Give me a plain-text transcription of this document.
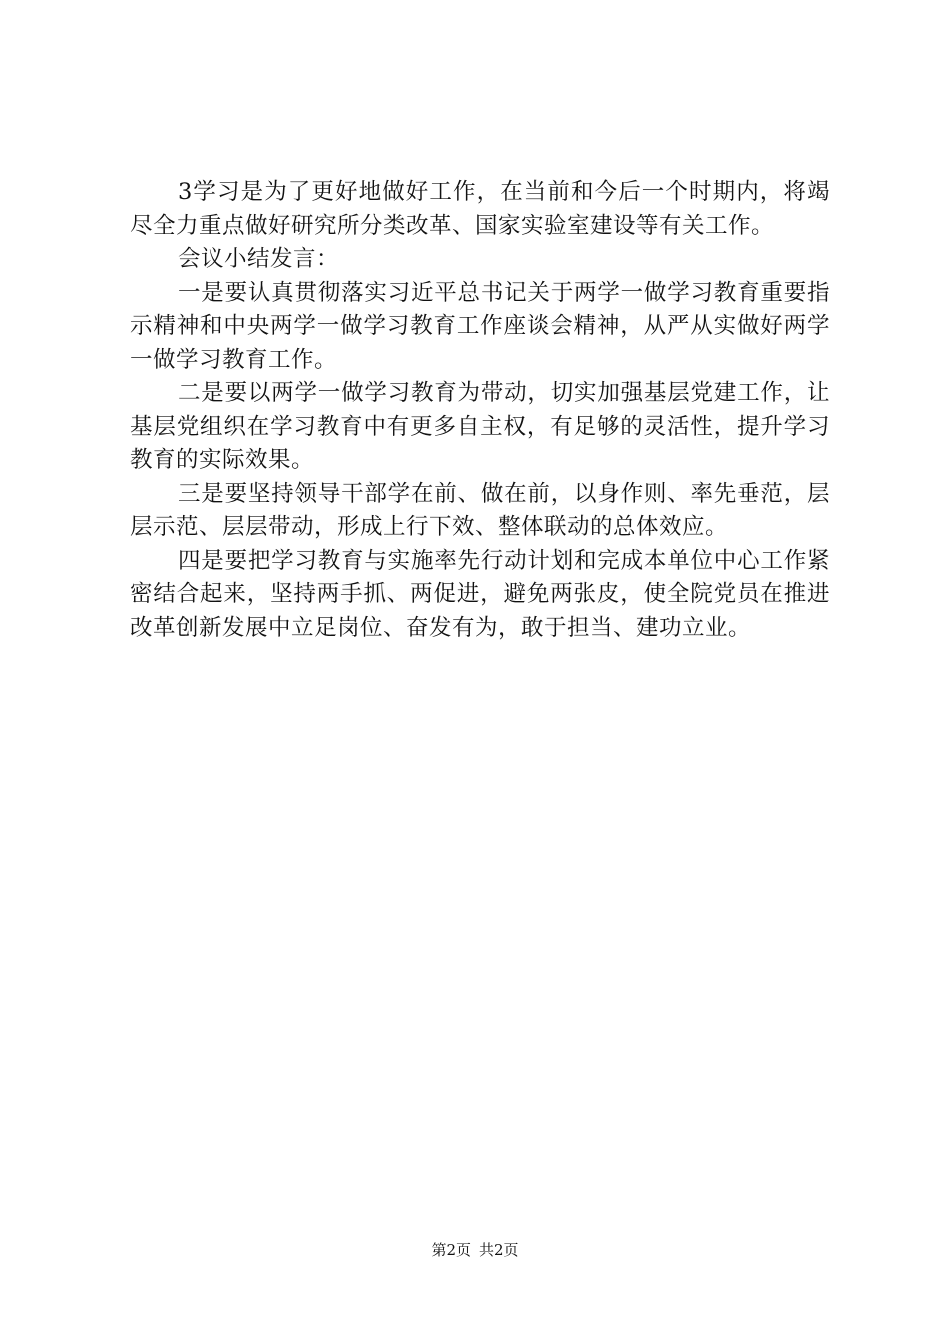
3学习是为了更好地做好工作，在当前和今后一个时期内，将竭尽全力重点做好研究所分类改革、国家实验室建设等有关工作。

会议小结发言：

一是要认真贯彻落实习近平总书记关于两学一做学习教育重要指示精神和中央两学一做学习教育工作座谈会精神，从严从实做好两学一做学习教育工作。

二是要以两学一做学习教育为带动，切实加强基层党建工作，让基层党组织在学习教育中有更多自主权，有足够的灵活性，提升学习教育的实际效果。

三是要坚持领导干部学在前、做在前，以身作则、率先垂范，层层示范、层层带动，形成上行下效、整体联动的总体效应。

四是要把学习教育与实施率先行动计划和完成本单位中心工作紧密结合起来，坚持两手抓、两促进，避免两张皮，使全院党员在推进改革创新发展中立足岗位、奋发有为，敢于担当、建功立业。

第2页 共2页
